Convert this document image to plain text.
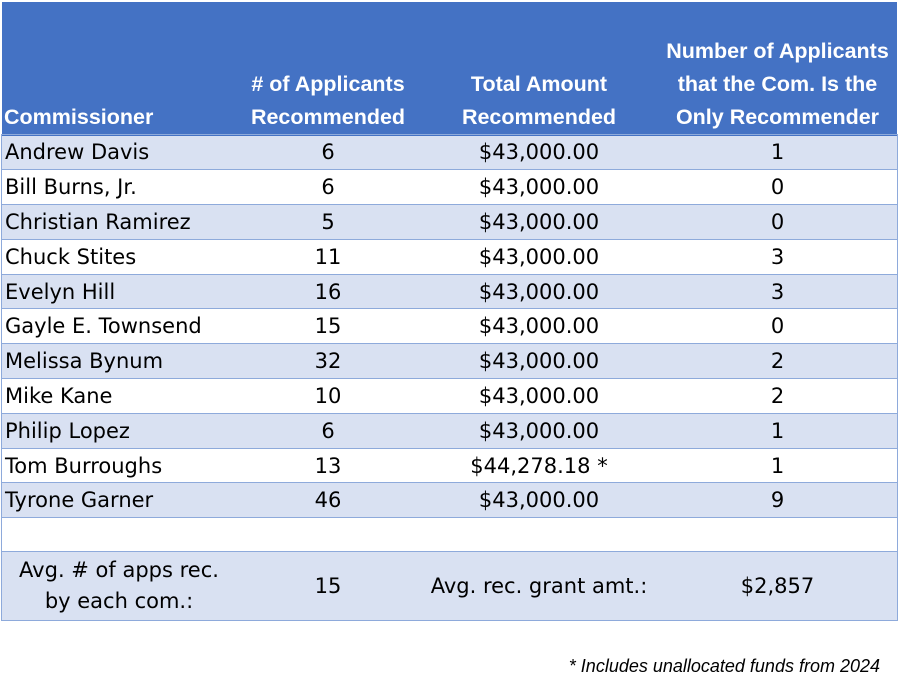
Commissioner	# of Applicants Recommended	Total Amount Recommended	Number of Applicants that the Com. Is the Only Recommender
Andrew Davis	6	$43,000.00	1
Bill Burns, Jr.	6	$43,000.00	0
Christian Ramirez	5	$43,000.00	0
Chuck Stites	11	$43,000.00	3
Evelyn Hill	16	$43,000.00	3
Gayle E. Townsend	15	$43,000.00	0
Melissa Bynum	32	$43,000.00	2
Mike Kane	10	$43,000.00	2
Philip Lopez	6	$43,000.00	1
Tom Burroughs	13	$44,278.18 *	1
Tyrone Garner	46	$43,000.00	9

Avg. # of apps rec. by each com.:	15	Avg. rec. grant amt.:	$2,857
* Includes unallocated funds from 2024
